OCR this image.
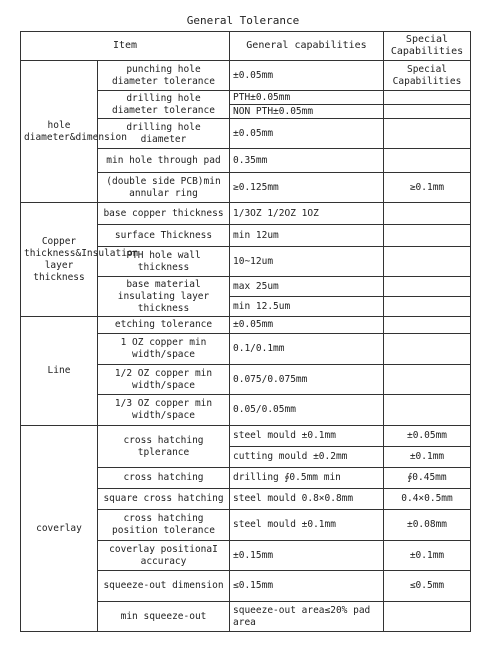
General Tolerance
Item		General capabilities	Special Capabilities
hole diameter&dimension	punching hole diameter tolerance	±0.05mm	Special Capabilities
	drilling hole diameter tolerance	PTH±0.05mm	
		NON PTH±0.05mm	
	drilling hole diameter	±0.05mm	
	min hole through pad	0.35mm	
	(double side PCB)min annular ring	≥0.125mm	≥0.1mm
Copper thickness&Insulation layer thickness	base copper thickness	1/3OZ 1/2OZ 1OZ	
	surface Thickness	min 12um	
	PTH hole wall thickness	10~12um	
	base material insulating layer thickness	max 25um	
		min 12.5um	
Line	etching tolerance	±0.05mm	
	1 OZ copper min width/space	0.1/0.1mm	
	1/2 OZ copper min width/space	0.075/0.075mm	
	1/3 OZ copper min width/space	0.05/0.05mm	
coverlay	cross hatching tplerance	steel mould ±0.1mm	±0.05mm
		cutting mould ±0.2mm	±0.1mm
	cross hatching	drilling ∮0.5mm min	∮0.45mm
	square cross hatching	steel mould 0.8×0.8mm	0.4×0.5mm
	cross hatching position tolerance	steel mould ±0.1mm	±0.08mm
	coverlay positionaI accuracy	±0.15mm	±0.1mm
	squeeze-out dimension	≤0.15mm	≤0.5mm
	min squeeze-out	squeeze-out area≤20% pad area	
